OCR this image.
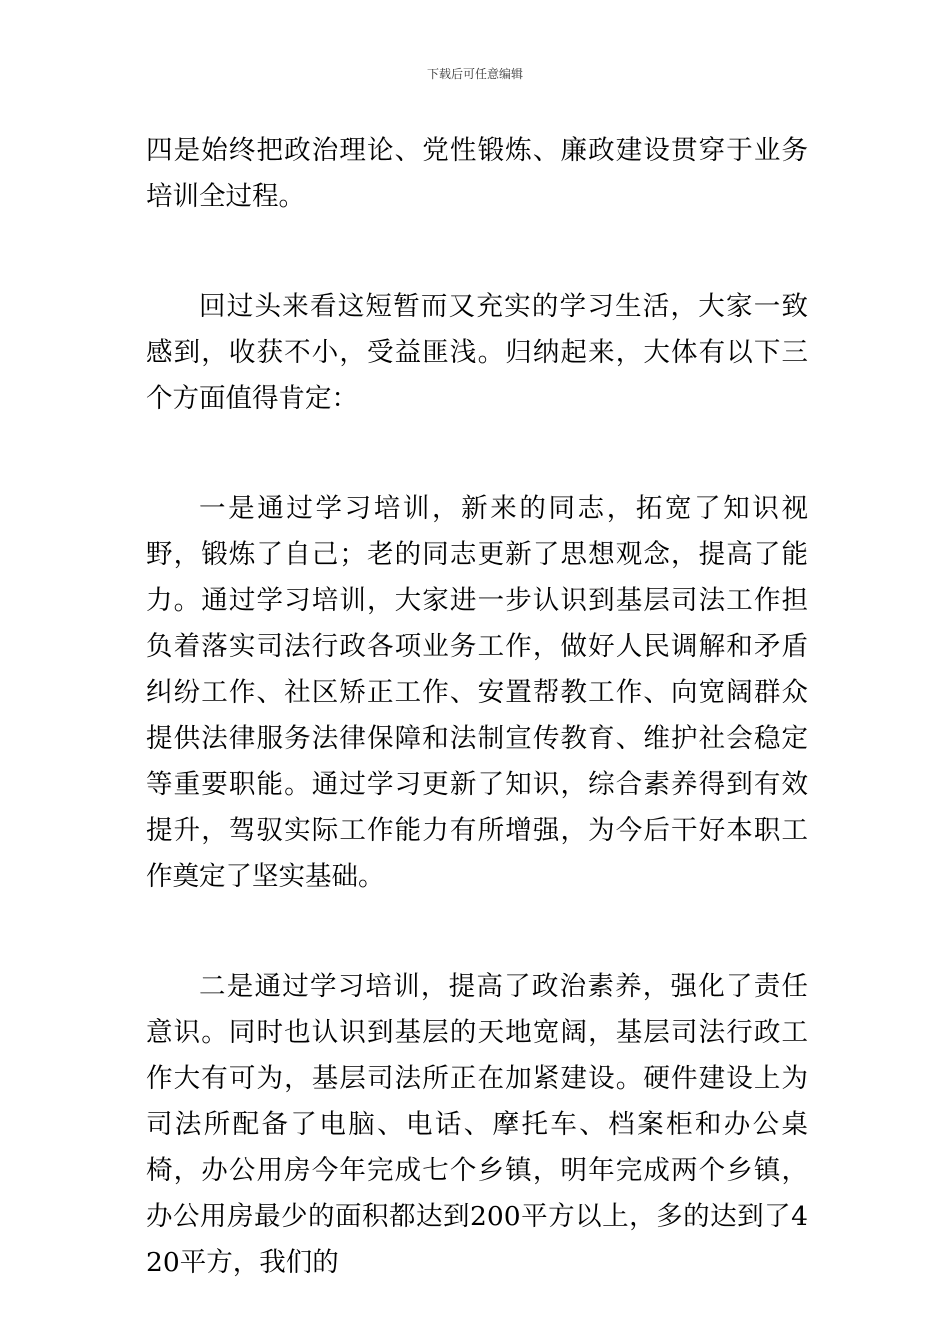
下载后可任意编辑

四是始终把政治理论、党性锻炼、廉政建设贯穿于业务培训全过程。

回过头来看这短暂而又充实的学习生活，大家一致感到，收获不小，受益匪浅。归纳起来，大体有以下三个方面值得肯定：

一是通过学习培训，新来的同志，拓宽了知识视野，锻炼了自己；老的同志更新了思想观念，提高了能力。通过学习培训，大家进一步认识到基层司法工作担负着落实司法行政各项业务工作，做好人民调解和矛盾纠纷工作、社区矫正工作、安置帮教工作、向宽阔群众提供法律服务法律保障和法制宣传教育、维护社会稳定等重要职能。通过学习更新了知识，综合素养得到有效提升，驾驭实际工作能力有所增强，为今后干好本职工作奠定了坚实基础。

二是通过学习培训，提高了政治素养，强化了责任意识。同时也认识到基层的天地宽阔，基层司法行政工作大有可为，基层司法所正在加紧建设。硬件建设上为司法所配备了电脑、电话、摩托车、档案柜和办公桌椅，办公用房今年完成七个乡镇，明年完成两个乡镇，办公用房最少的面积都达到200平方以上，多的达到了420平方，我们的
